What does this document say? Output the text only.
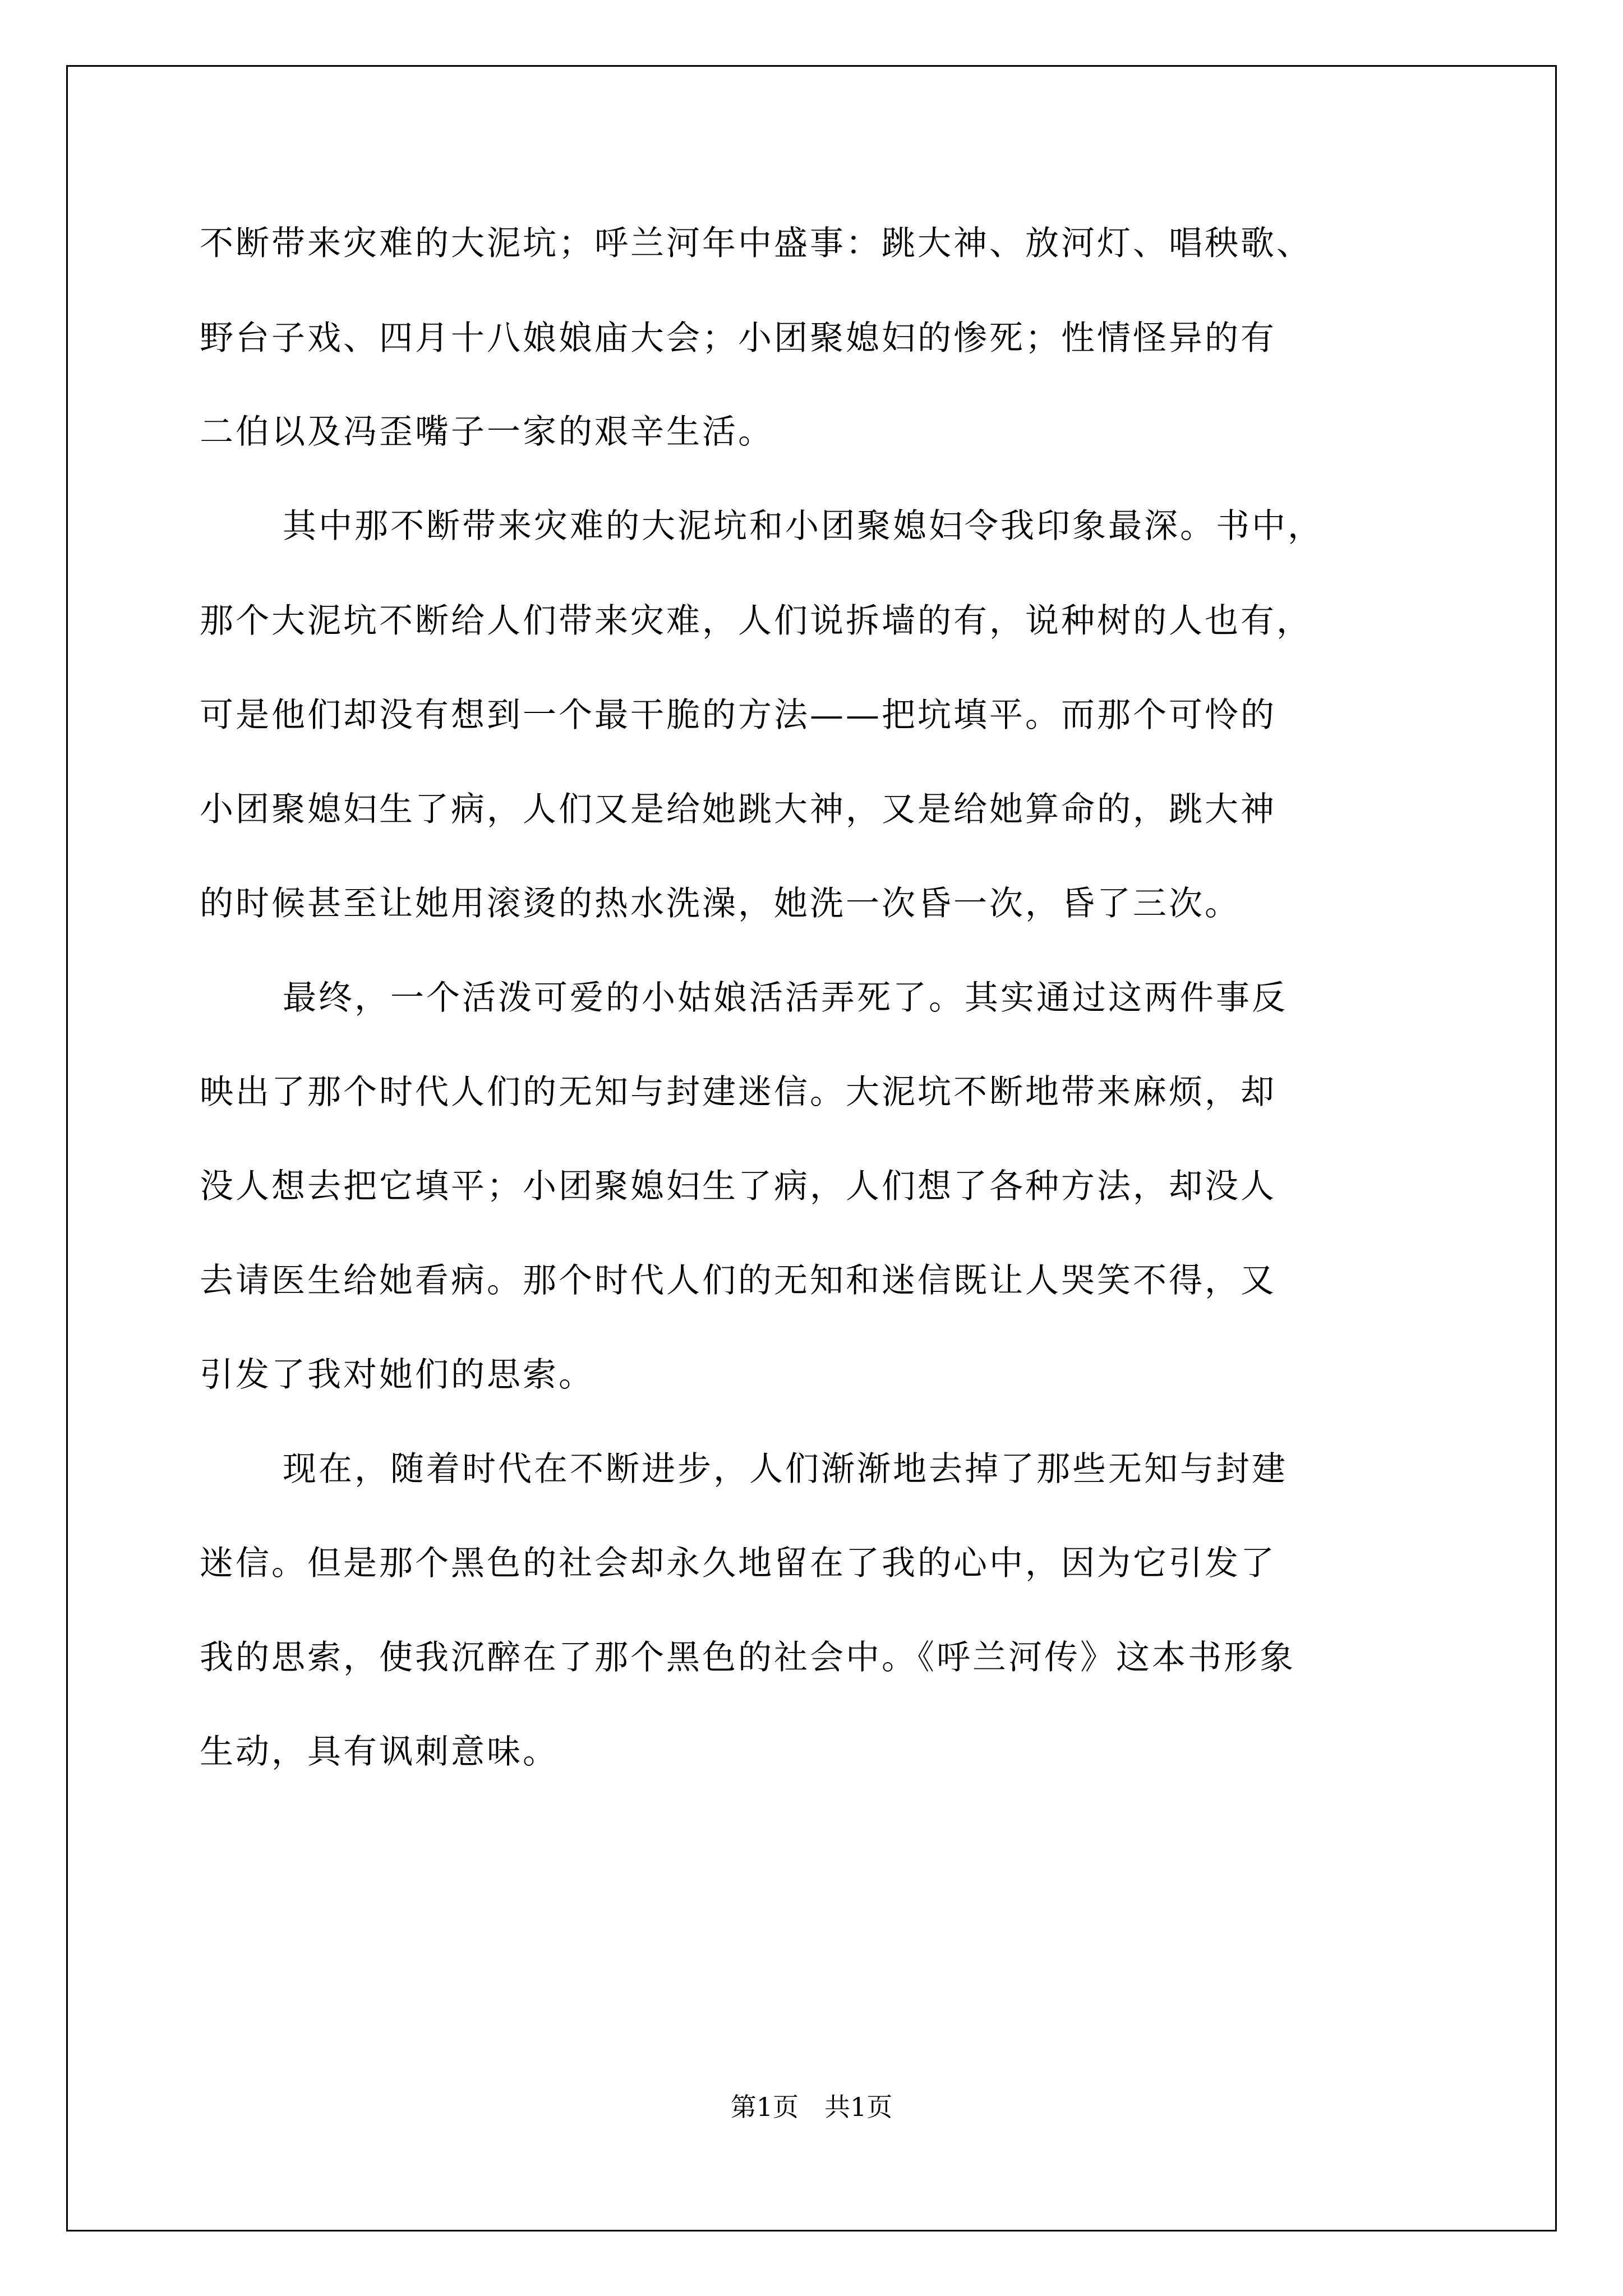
不断带来灾难的大泥坑；呼兰河年中盛事：跳大神、放河灯、唱秧歌、
野台子戏、四月十八娘娘庙大会；小团聚媳妇的惨死；性情怪异的有
二伯以及冯歪嘴子一家的艰辛生活。
其中那不断带来灾难的大泥坑和小团聚媳妇令我印象最深。书中，
那个大泥坑不断给人们带来灾难，人们说拆墙的有，说种树的人也有，
可是他们却没有想到一个最干脆的方法——把坑填平。而那个可怜的
小团聚媳妇生了病，人们又是给她跳大神，又是给她算命的，跳大神
的时候甚至让她用滚烫的热水洗澡，她洗一次昏一次，昏了三次。
最终，一个活泼可爱的小姑娘活活弄死了。其实通过这两件事反
映出了那个时代人们的无知与封建迷信。大泥坑不断地带来麻烦，却
没人想去把它填平；小团聚媳妇生了病，人们想了各种方法，却没人
去请医生给她看病。那个时代人们的无知和迷信既让人哭笑不得，又
引发了我对她们的思索。
现在，随着时代在不断进步，人们渐渐地去掉了那些无知与封建
迷信。但是那个黑色的社会却永久地留在了我的心中，因为它引发了
我的思索，使我沉醉在了那个黑色的社会中。《呼兰河传》这本书形象
生动，具有讽刺意味。
第1页　共1页
